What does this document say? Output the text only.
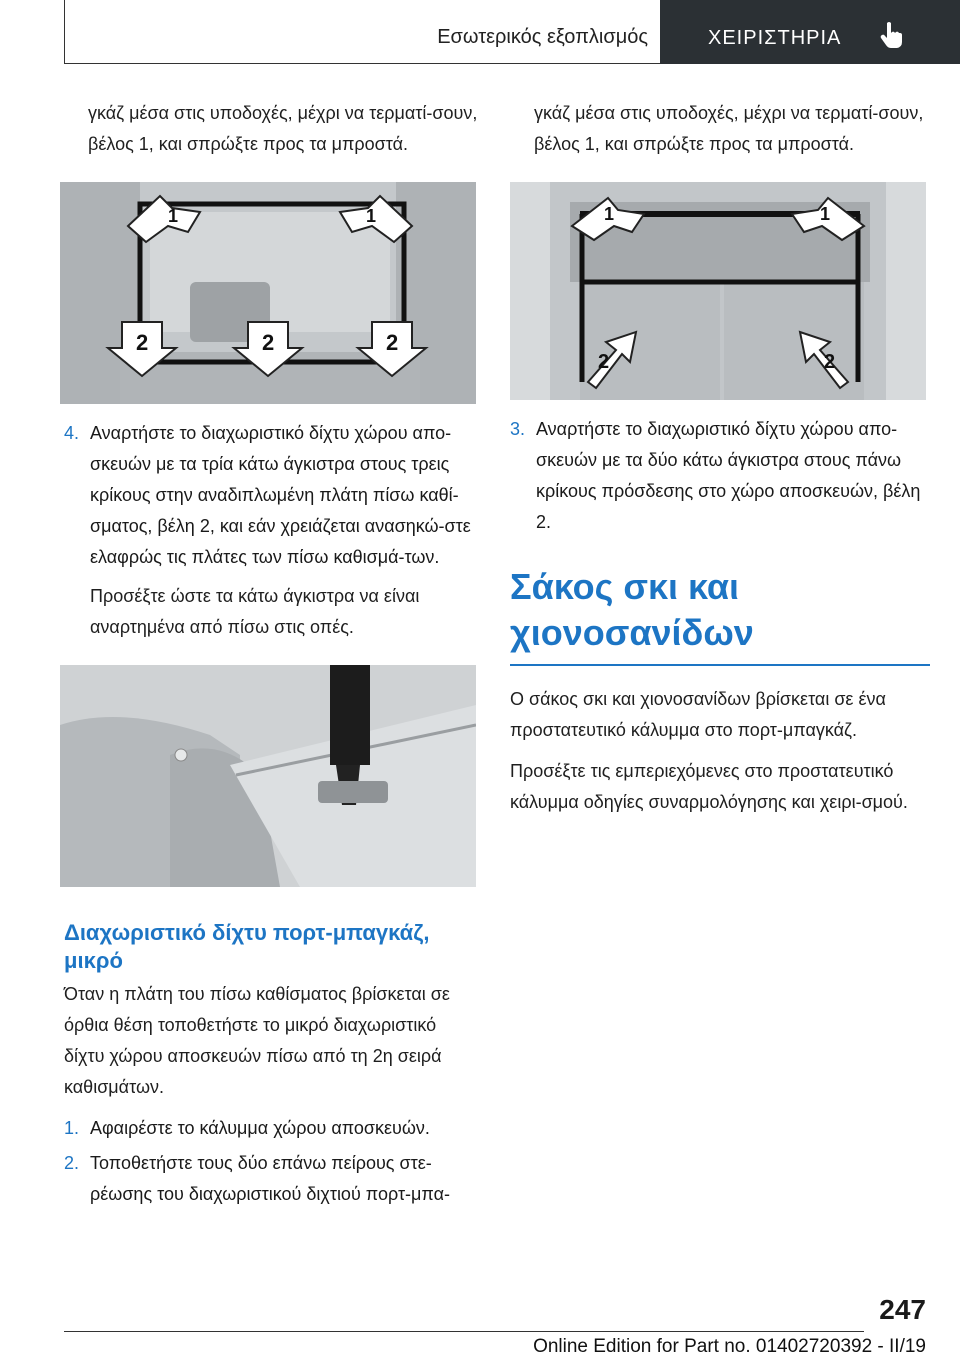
Εσωτερικός εξοπλισμός	ΧΕΙΡΙΣΤΗΡΙΑ

γκάζ μέσα στις υποδοχές, μέχρι να τερματί-σουν, βέλος 1, και σπρώξτε προς τα μπροστά.

1	1
2	2	2
4. Αναρτήστε το διαχωριστικό δίχτυ χώρου απο-σκευών με τα τρία κάτω άγκιστρα στους τρεις κρίκους στην αναδιπλωμένη πλάτη πίσω καθί-σματος, βέλη 2, και εάν χρειάζεται ανασηκώ-στε ελαφρώς τις πλάτες των πίσω καθισμά-των.

Προσέξτε ώστε τα κάτω άγκιστρα να είναι αναρτημένα από πίσω στις οπές.

Διαχωριστικό δίχτυ πορτ-μπαγκάζ, μικρό

Όταν η πλάτη του πίσω καθίσματος βρίσκεται σε όρθια θέση τοποθετήστε το μικρό διαχωριστικό δίχτυ χώρου αποσκευών πίσω από τη 2η σειρά καθισμάτων.

1. Αφαιρέστε το κάλυμμα χώρου αποσκευών.
2. Τοποθετήστε τους δύο επάνω πείρους στε-ρέωσης του διαχωριστικού διχτιού πορτ-μπα-

γκάζ μέσα στις υποδοχές, μέχρι να τερματί-σουν, βέλος 1, και σπρώξτε προς τα μπροστά.

1	1
2	2
3. Αναρτήστε το διαχωριστικό δίχτυ χώρου απο-σκευών με τα δύο κάτω άγκιστρα στους πάνω κρίκους πρόσδεσης στο χώρο αποσκευών, βέλη 2.
Σάκος σκι και χιονοσανίδων

Ο σάκος σκι και χιονοσανίδων βρίσκεται σε ένα προστατευτικό κάλυμμα στο πορτ-μπαγκάζ.

Προσέξτε τις εμπεριεχόμενες στο προστατευτικό κάλυμμα οδηγίες συναρμολόγησης και χειρι-σμού.

247
Online Edition for Part no. 01402720392 - II/19
